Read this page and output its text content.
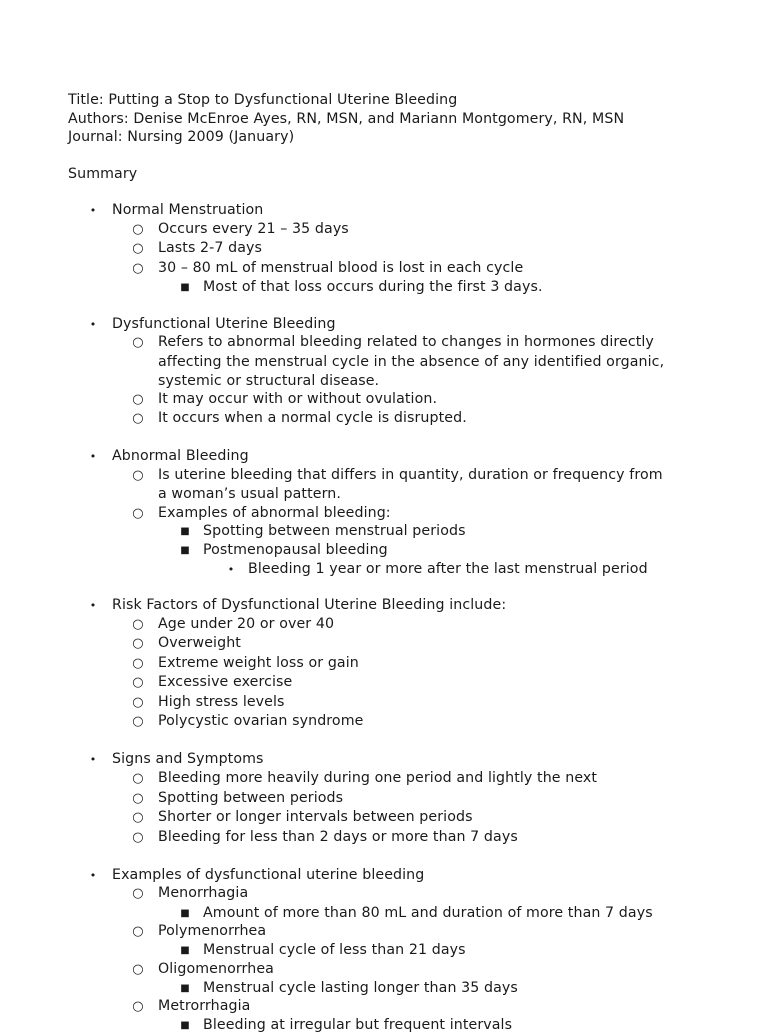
Title: Putting a Stop to Dysfunctional Uterine Bleeding
Authors: Denise McEnroe Ayes, RN, MSN, and Mariann Montgomery, RN, MSN
Journal: Nursing 2009 (January)
Summary
• Normal Menstruation
○ Occurs every 21 – 35 days
○ Lasts 2-7 days
○ 30 – 80 mL of menstrual blood is lost in each cycle
■ Most of that loss occurs during the first 3 days.
• Dysfunctional Uterine Bleeding
○ Refers to abnormal bleeding related to changes in hormones directly
affecting the menstrual cycle in the absence of any identified organic,
systemic or structural disease.
○ It may occur with or without ovulation.
○ It occurs when a normal cycle is disrupted.
• Abnormal Bleeding
○ Is uterine bleeding that differs in quantity, duration or frequency from
a woman’s usual pattern.
○ Examples of abnormal bleeding:
■ Spotting between menstrual periods
■ Postmenopausal bleeding
• Bleeding 1 year or more after the last menstrual period
• Risk Factors of Dysfunctional Uterine Bleeding include:
○ Age under 20 or over 40
○ Overweight
○ Extreme weight loss or gain
○ Excessive exercise
○ High stress levels
○ Polycystic ovarian syndrome
• Signs and Symptoms
○ Bleeding more heavily during one period and lightly the next
○ Spotting between periods
○ Shorter or longer intervals between periods
○ Bleeding for less than 2 days or more than 7 days
• Examples of dysfunctional uterine bleeding
○ Menorrhagia
■ Amount of more than 80 mL and duration of more than 7 days
○ Polymenorrhea
■ Menstrual cycle of less than 21 days
○ Oligomenorrhea
■ Menstrual cycle lasting longer than 35 days
○ Metrorrhagia
■ Bleeding at irregular but frequent intervals
